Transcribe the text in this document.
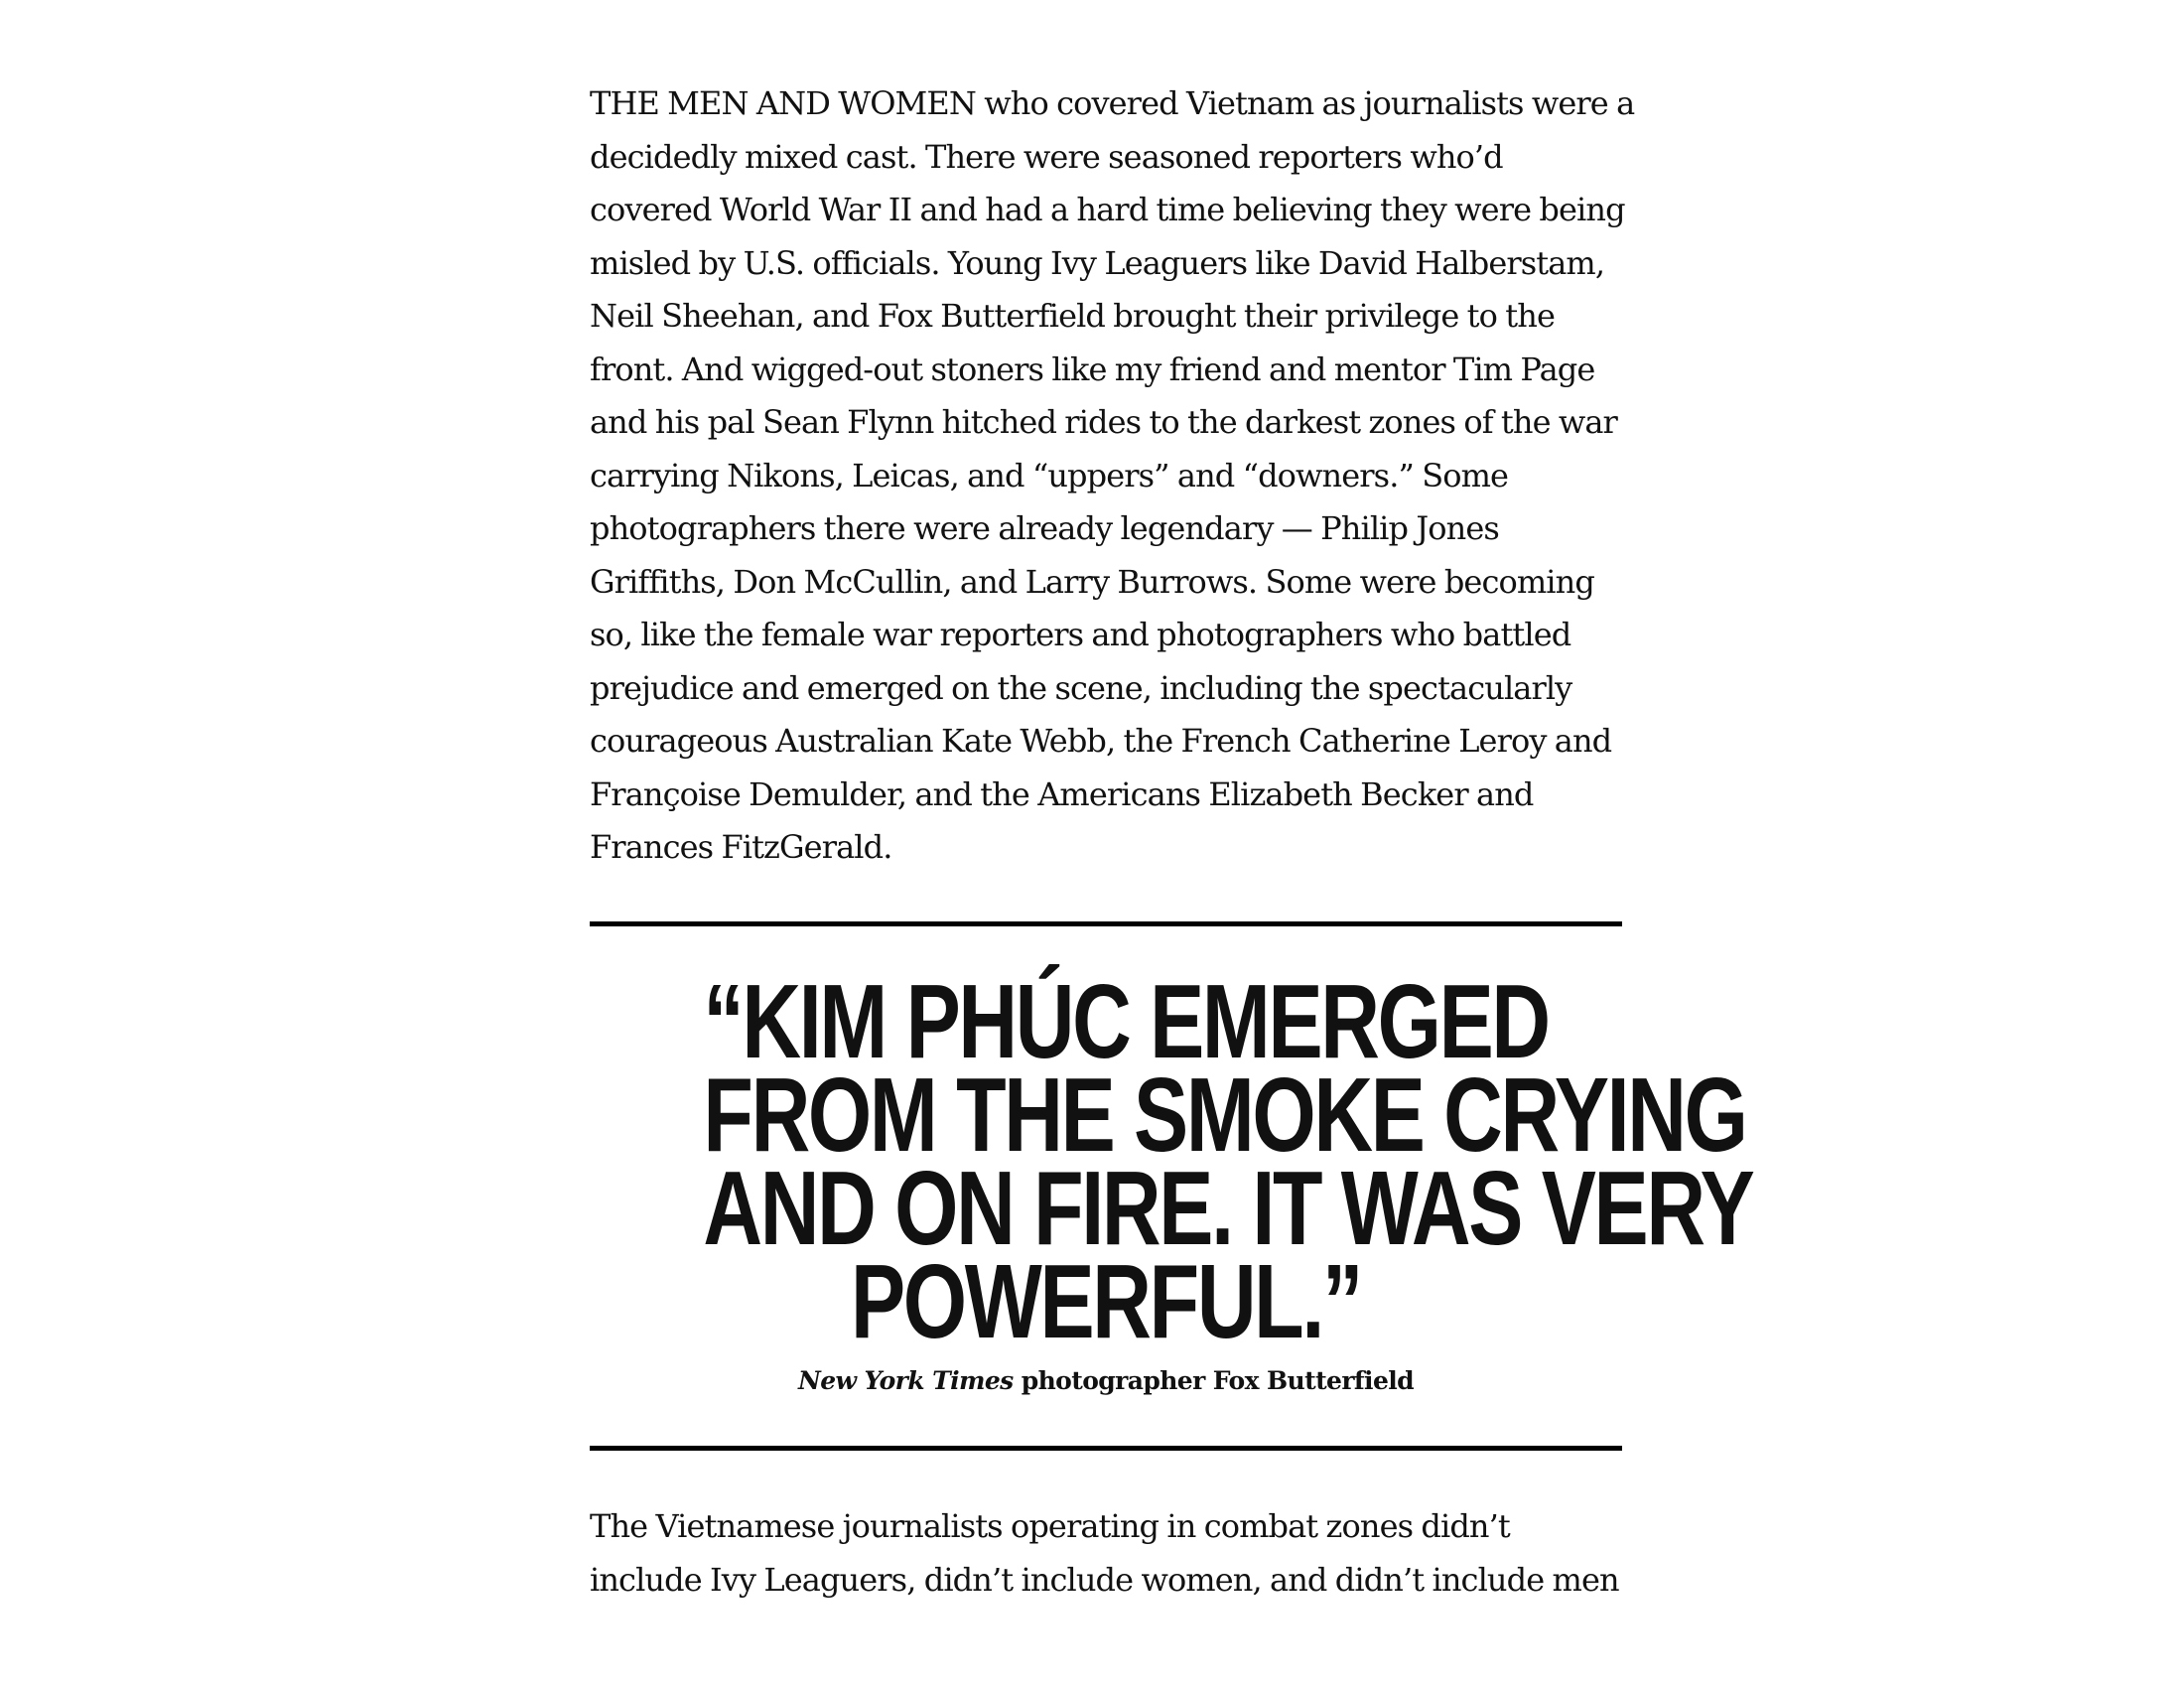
THE MEN AND WOMEN who covered Vietnam as journalists were a
decidedly mixed cast. There were seasoned reporters who’d
covered World War II and had a hard time believing they were being
misled by U.S. officials. Young Ivy Leaguers like David Halberstam,
Neil Sheehan, and Fox Butterfield brought their privilege to the
front. And wigged-out stoners like my friend and mentor Tim Page
and his pal Sean Flynn hitched rides to the darkest zones of the war
carrying Nikons, Leicas, and “uppers” and “downers.” Some
photographers there were already legendary — Philip Jones
Griffiths, Don McCullin, and Larry Burrows. Some were becoming
so, like the female war reporters and photographers who battled
prejudice and emerged on the scene, including the spectacularly
courageous Australian Kate Webb, the French Catherine Leroy and
Françoise Demulder, and the Americans Elizabeth Becker and
Frances FitzGerald.
“KIM PHÚC EMERGED
FROM THE SMOKE CRYING
AND ON FIRE. IT WAS VERY
POWERFUL.”

New York Times photographer Fox Butterfield

The Vietnamese journalists operating in combat zones didn’t
include Ivy Leaguers, didn’t include women, and didn’t include men
